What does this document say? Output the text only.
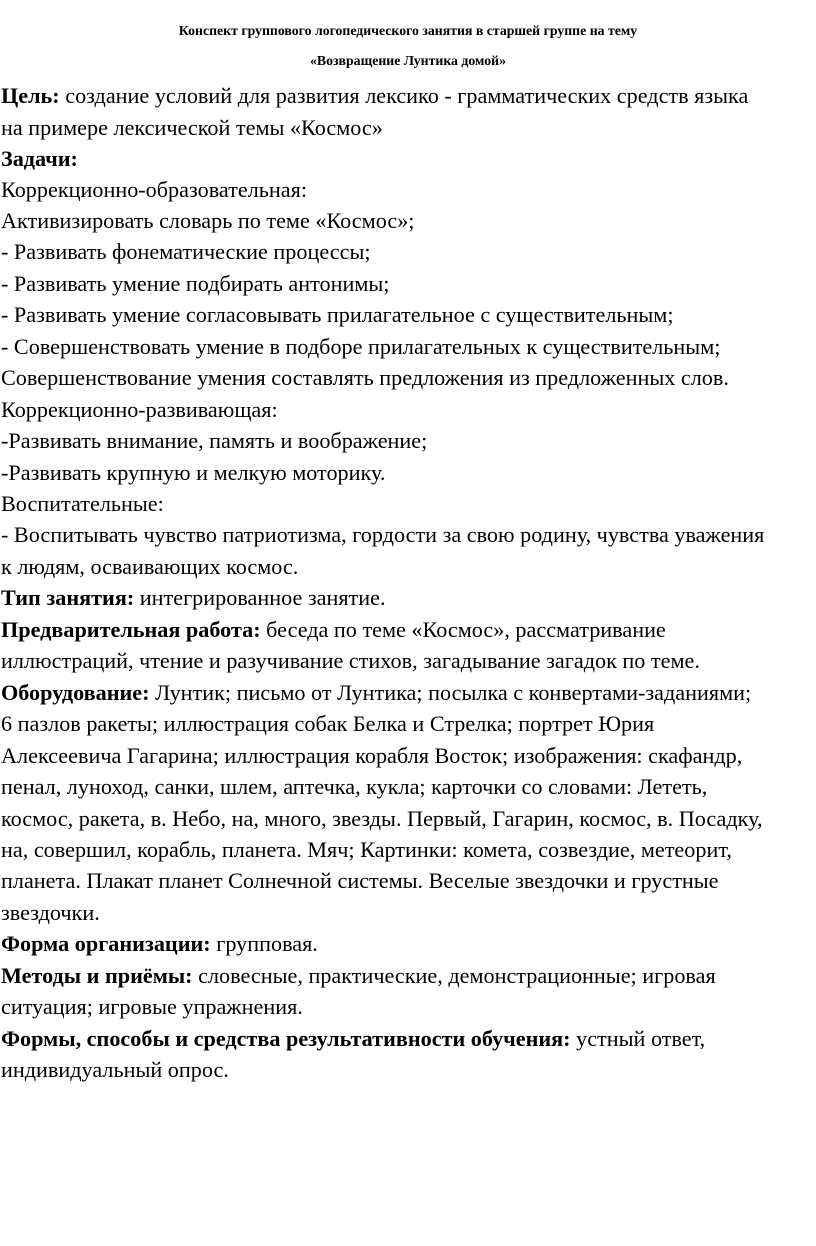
Конспект группового логопедического занятия в старшей группе на тему
«Возвращение Лунтика домой»
Цель: создание условий для развития лексико - грамматических средств языка
на примере лексической темы «Космос»
Задачи:
Коррекционно-образовательная:
Активизировать словарь по теме «Космос»;
- Развивать фонематические процессы;
- Развивать умение подбирать антонимы;
- Развивать умение согласовывать прилагательное с существительным;
- Совершенствовать умение в подборе прилагательных к существительным;
Совершенствование умения составлять предложения из предложенных слов.
Коррекционно-развивающая:
-Развивать внимание, память и воображение;
-Развивать крупную и мелкую моторику.
Воспитательные:
- Воспитывать чувство патриотизма, гордости за свою родину, чувства уважения
к людям, осваивающих космос.
Тип занятия: интегрированное занятие.
Предварительная работа: беседа по теме «Космос», рассматривание
иллюстраций, чтение и разучивание стихов, загадывание загадок по теме.
Оборудование: Лунтик; письмо от Лунтика; посылка с конвертами-заданиями;
6 пазлов ракеты; иллюстрация собак Белка и Стрелка; портрет Юрия
Алексеевича Гагарина; иллюстрация корабля Восток; изображения: скафандр,
пенал, луноход, санки, шлем, аптечка, кукла; карточки со словами: Лететь,
космос, ракета, в. Небо, на, много, звезды. Первый, Гагарин, космос, в. Посадку,
на, совершил, корабль, планета. Мяч; Картинки: комета, созвездие, метеорит,
планета. Плакат планет Солнечной системы. Веселые звездочки и грустные
звездочки.
Форма организации: групповая.
Методы и приёмы: словесные, практические, демонстрационные; игровая
ситуация; игровые упражнения.
Формы, способы и средства результативности обучения: устный ответ,
индивидуальный опрос.
